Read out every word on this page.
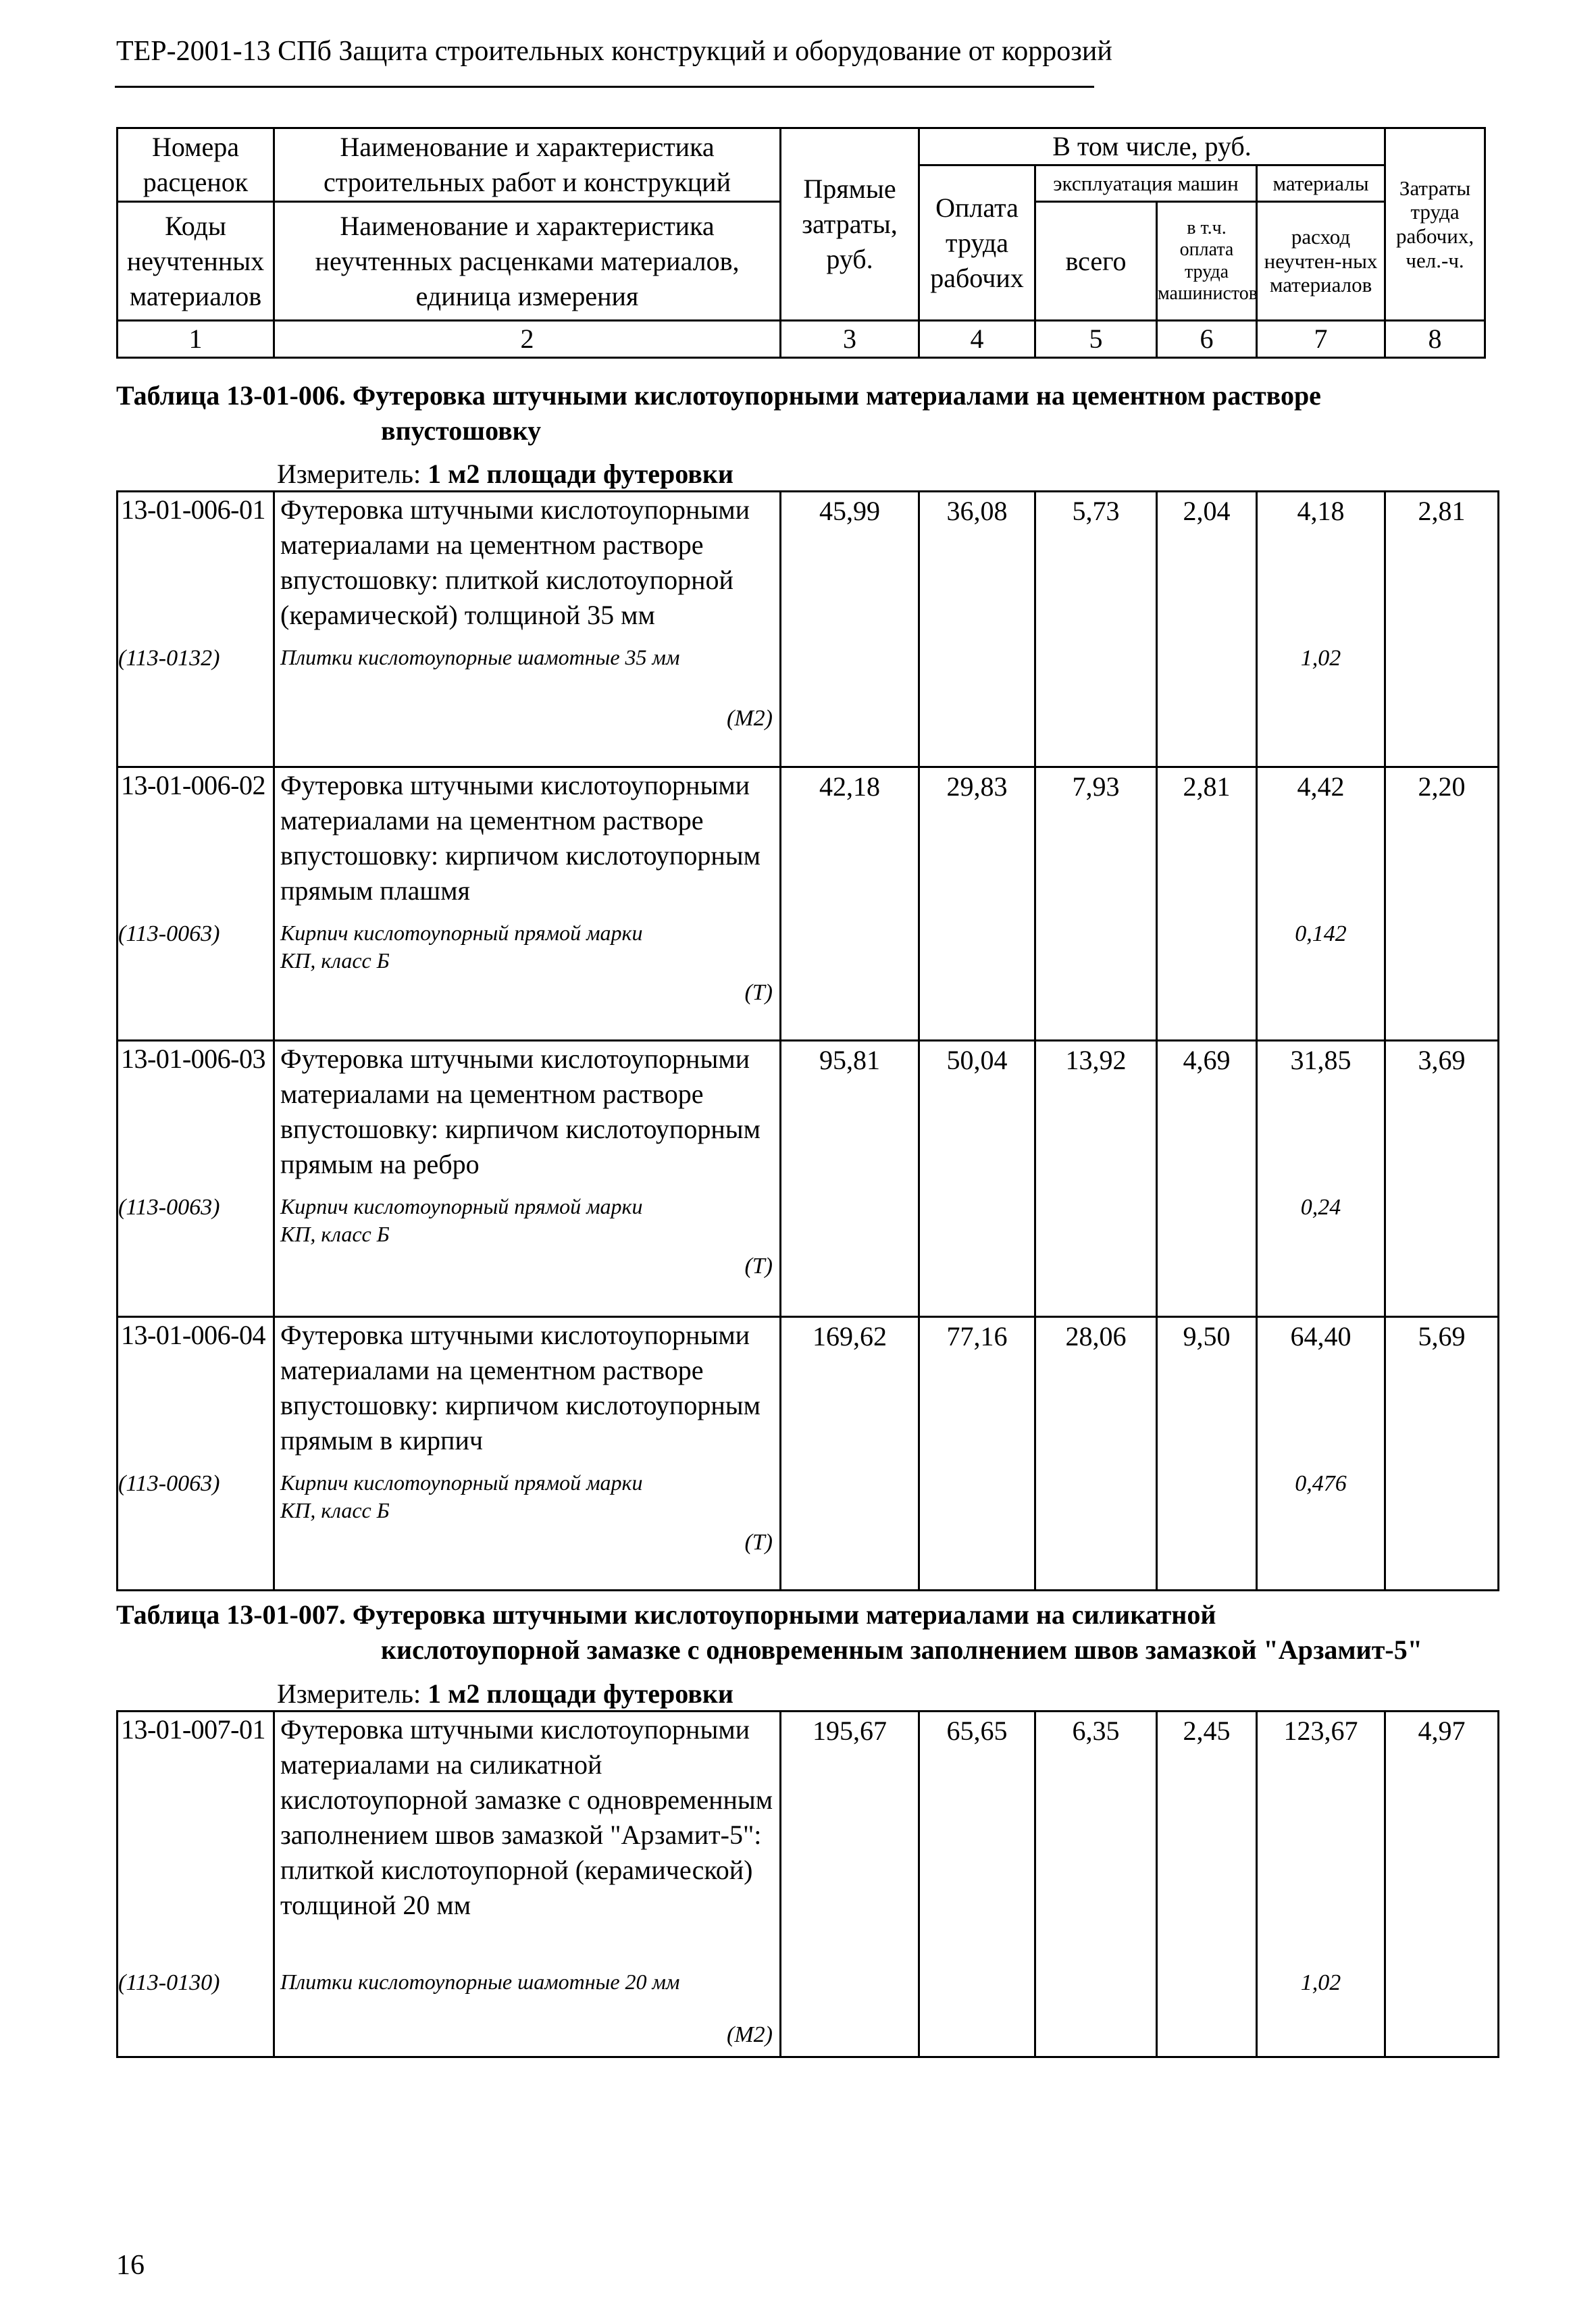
ТЕР-2001-13 СПб Защита строительных конструкций и оборудование от коррозий
Номера расценок	Наименование и характеристика строительных работ и конструкций	Прямые затраты, руб.	В том числе, руб.				Затраты труда рабочих, чел.-ч.
			Оплата труда рабочих	эксплуатация машин		материалы	
Коды неучтенных материалов	Наименование и характеристика неучтенных расценками материалов, единица измерения			всего	в т.ч. оплата труда машинистов	расход неучтен-ных материалов	

1	2	3	4	5	6	7	8
Таблица 13-01-006. Футеровка штучными кислотоупорными материалами на цементном растворе
впустошовку
Измеритель: 1 м2 площади футеровки
13-01-006-01	Футеровка штучными кислотоупорными материалами на цементном растворе впустошовку: плиткой кислотоупорной (керамической) толщиной 35 мм	45,99	36,08	5,73	2,04	4,18	2,81
(113-0132)	Плитки кислотоупорные шамотные 35 мм
(М2)					1,02	
13-01-006-02	Футеровка штучными кислотоупорными материалами на цементном растворе впустошовку: кирпичом кислотоупорным прямым плашмя	42,18	29,83	7,93	2,81	4,42	2,20
(113-0063)	Кирпич кислотоупорный прямой марки КП, класс Б
(Т)					0,142	
13-01-006-03	Футеровка штучными кислотоупорными материалами на цементном растворе впустошовку: кирпичом кислотоупорным прямым на ребро	95,81	50,04	13,92	4,69	31,85	3,69
(113-0063)	Кирпич кислотоупорный прямой марки КП, класс Б
(Т)					0,24	
13-01-006-04	Футеровка штучными кислотоупорными материалами на цементном растворе впустошовку: кирпичом кислотоупорным прямым в кирпич	169,62	77,16	28,06	9,50	64,40	5,69
(113-0063)	Кирпич кислотоупорный прямой марки КП, класс Б
(Т)					0,476	
Таблица 13-01-007. Футеровка штучными кислотоупорными материалами на силикатной
кислотоупорной замазке с одновременным заполнением швов замазкой "Арзамит-5"
Измеритель: 1 м2 площади футеровки
13-01-007-01	Футеровка штучными кислотоупорными материалами на силикатной кислотоупорной замазке с одновременным заполнением швов замазкой "Арзамит-5": плиткой кислотоупорной (керамической) толщиной 20 мм	195,67	65,65	6,35	2,45	123,67	4,97
(113-0130)	Плитки кислотоупорные шамотные 20 мм
(М2)					1,02	
16
